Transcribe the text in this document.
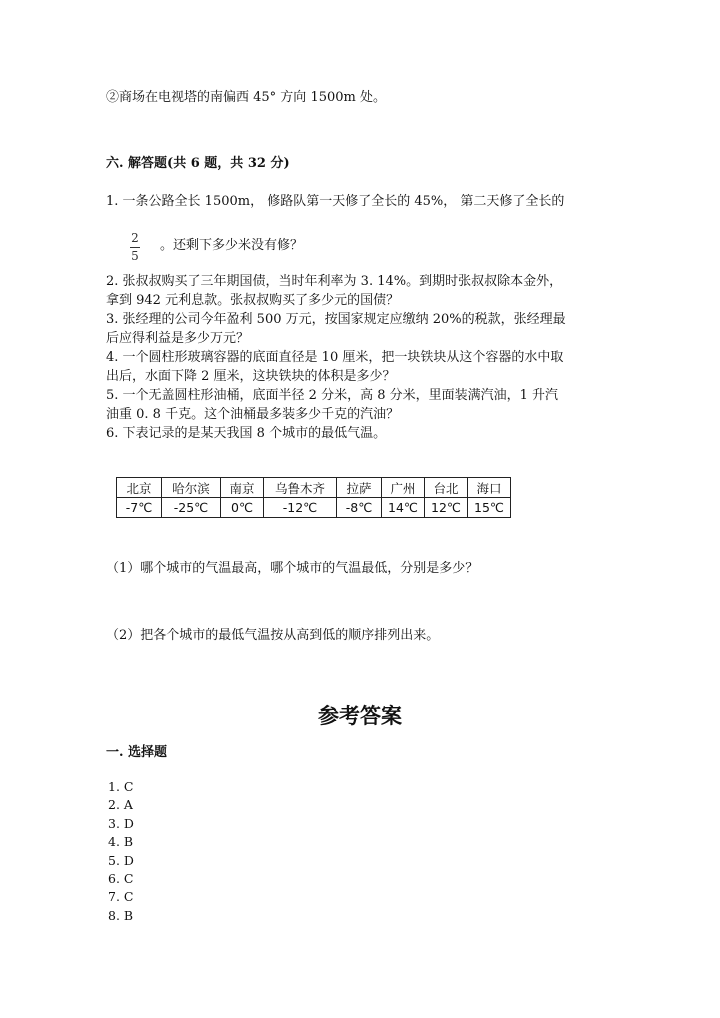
②商场在电视塔的南偏西 45° 方向 1500m 处。
六. 解答题(共 6 题，共 32 分)
1. 一条公路全长 1500m， 修路队第一天修了全长的 45%， 第二天修了全长的
2
5
。还剩下多少米没有修？
2. 张叔叔购买了三年期国债，当时年利率为 3. 14%。到期时张叔叔除本金外，
拿到 942 元利息款。张叔叔购买了多少元的国债？
3. 张经理的公司今年盈利 500 万元，按国家规定应缴纳 20%的税款，张经理最
后应得利益是多少万元？
4. 一个圆柱形玻璃容器的底面直径是 10 厘米，把一块铁块从这个容器的水中取
出后，水面下降 2 厘米，这块铁块的体积是多少？
5. 一个无盖圆柱形油桶，底面半径 2 分米，高 8 分米，里面装满汽油，1 升汽
油重 0. 8 千克。这个油桶最多装多少千克的汽油？
6. 下表记录的是某天我国 8 个城市的最低气温。
北京	哈尔滨	南京	乌鲁木齐	拉萨	广州	台北	海口
-7℃	-25℃	0℃	-12℃	-8℃	14℃	12℃	15℃
（1）哪个城市的气温最高，哪个城市的气温最低，分别是多少？
（2）把各个城市的最低气温按从高到低的顺序排列出来。
参考答案
一. 选择题
1. C
2. A
3. D
4. B
5. D
6. C
7. C
8. B
